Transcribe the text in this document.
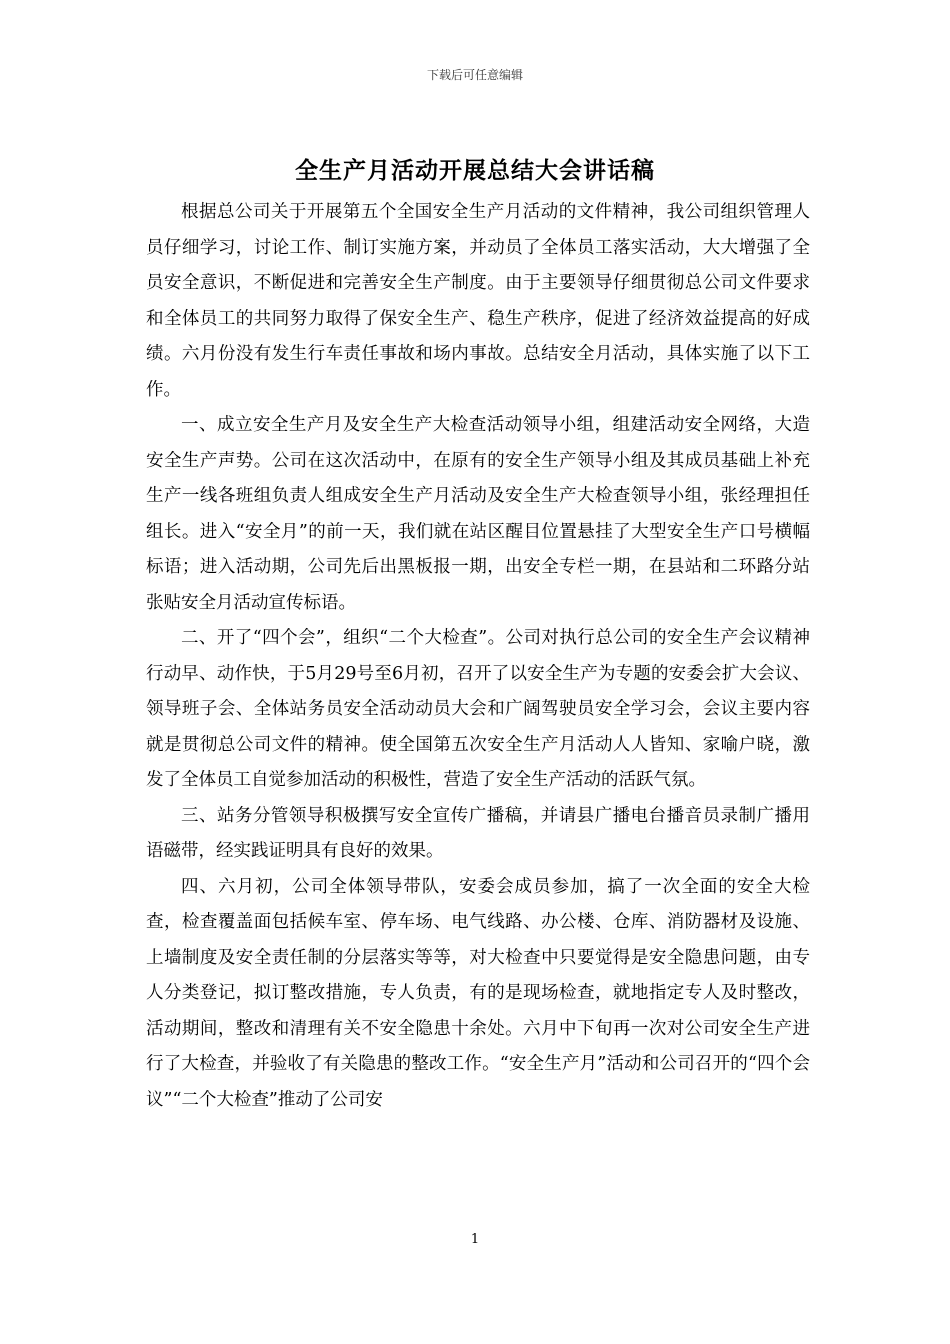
下载后可任意编辑
全生产月活动开展总结大会讲话稿

根据总公司关于开展第五个全国安全生产月活动的文件精神，我公司组织管理人员仔细学习，讨论工作、制订实施方案，并动员了全体员工落实活动，大大增强了全员安全意识，不断促进和完善安全生产制度。由于主要领导仔细贯彻总公司文件要求和全体员工的共同努力取得了保安全生产、稳生产秩序，促进了经济效益提高的好成绩。六月份没有发生行车责任事故和场内事故。总结安全月活动，具体实施了以下工作。

一、成立安全生产月及安全生产大检查活动领导小组，组建活动安全网络，大造安全生产声势。公司在这次活动中，在原有的安全生产领导小组及其成员基础上补充生产一线各班组负责人组成安全生产月活动及安全生产大检查领导小组，张经理担任组长。进入“安全月”的前一天，我们就在站区醒目位置悬挂了大型安全生产口号横幅标语；进入活动期，公司先后出黑板报一期，出安全专栏一期，在县站和二环路分站张贴安全月活动宣传标语。

二、开了“四个会”，组织“二个大检查”。公司对执行总公司的安全生产会议精神行动早、动作快，于5月29号至6月初，召开了以安全生产为专题的安委会扩大会议、领导班子会、全体站务员安全活动动员大会和广阔驾驶员安全学习会，会议主要内容就是贯彻总公司文件的精神。使全国第五次安全生产月活动人人皆知、家喻户晓，激发了全体员工自觉参加活动的积极性，营造了安全生产活动的活跃气氛。

三、站务分管领导积极撰写安全宣传广播稿，并请县广播电台播音员录制广播用语磁带，经实践证明具有良好的效果。

四、六月初，公司全体领导带队，安委会成员参加，搞了一次全面的安全大检查，检查覆盖面包括候车室、停车场、电气线路、办公楼、仓库、消防器材及设施、上墙制度及安全责任制的分层落实等等，对大检查中只要觉得是安全隐患问题，由专人分类登记，拟订整改措施，专人负责，有的是现场检查，就地指定专人及时整改，活动期间，整改和清理有关不安全隐患十余处。六月中下旬再一次对公司安全生产进行了大检查，并验收了有关隐患的整改工作。“安全生产月”活动和公司召开的“四个会议”“二个大检查”推动了公司安

1
